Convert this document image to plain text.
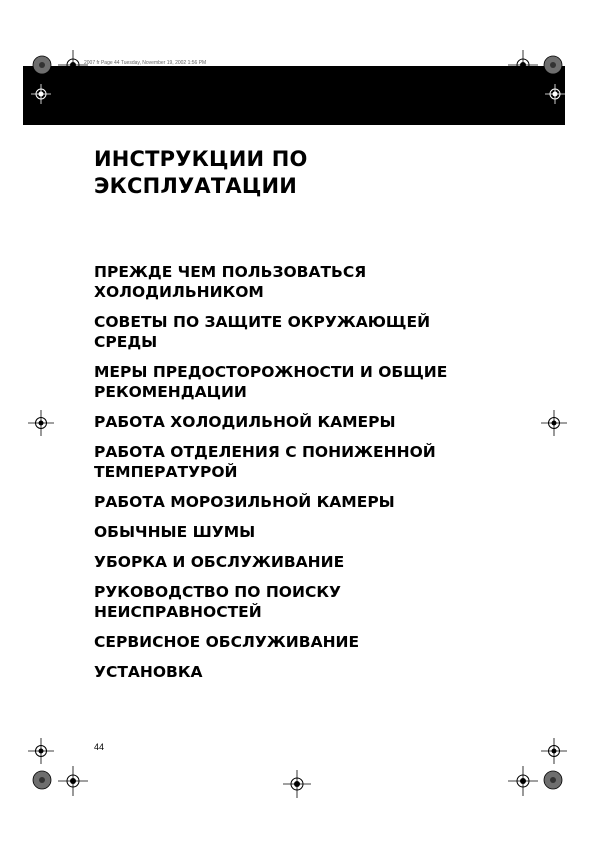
2007 fr Page 44 Tuesday, November 19, 2002 1:56 PM
ИНСТРУКЦИИ ПО
ЭКСПЛУАТАЦИИ
ПРЕЖДЕ ЧЕМ ПОЛЬЗОВАТЬСЯ
ХОЛОДИЛЬНИКОМ
СОВЕТЫ ПО ЗАЩИТЕ ОКРУЖАЮЩЕЙ
СРЕДЫ
МЕРЫ ПРЕДОСТОРОЖНОСТИ И ОБЩИЕ
РЕКОМЕНДАЦИИ
РАБОТА ХОЛОДИЛЬНОЙ КАМЕРЫ
РАБОТА ОТДЕЛЕНИЯ С ПОНИЖЕННОЙ
ТЕМПЕРАТУРОЙ
РАБОТА МОРОЗИЛЬНОЙ КАМЕРЫ
ОБЫЧНЫЕ ШУМЫ
УБОРКА И ОБСЛУЖИВАНИЕ
РУКОВОДСТВО ПО ПОИСКУ
НЕИСПРАВНОСТЕЙ
СЕРВИСНОЕ ОБСЛУЖИВАНИЕ
УСТАНОВКА
44
